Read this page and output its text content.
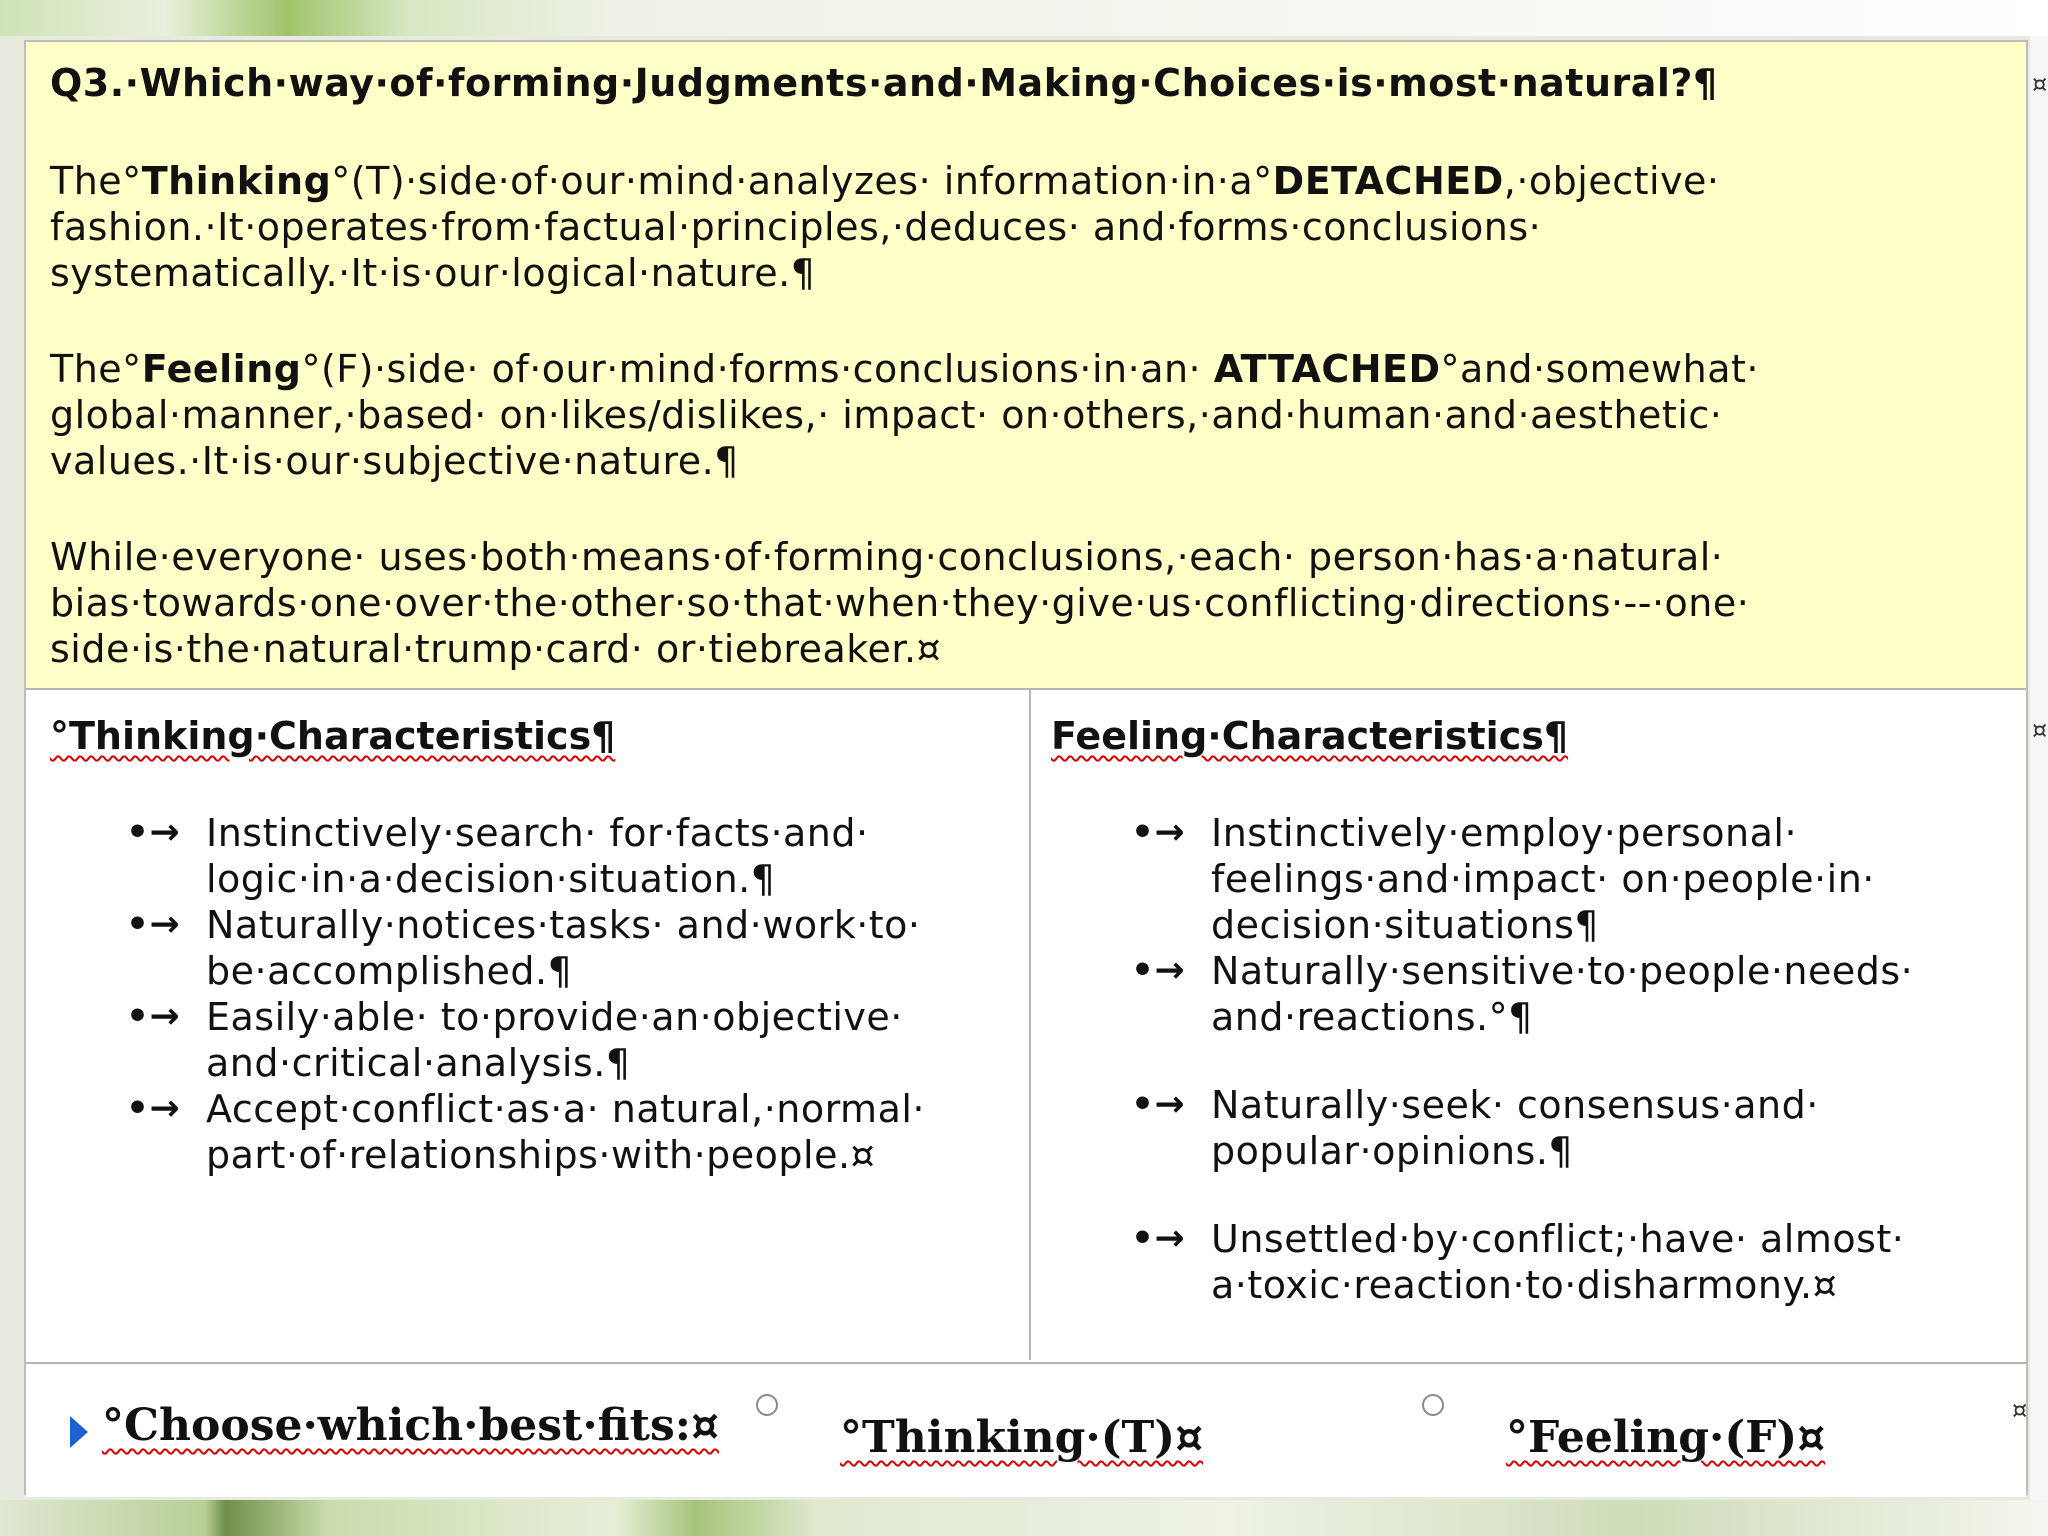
Q3.·Which·way·of·forming·Judgments·and·Making·Choices·is·most·natural?¶

The°Thinking°(T)·side·of·our·mind·analyzes· information·in·a°DETACHED,·objective· fashion.·It·operates·from·factual·principles,·deduces· and·forms·conclusions· systematically.·It·is·our·logical·nature.¶

The°Feeling°(F)·side· of·our·mind·forms·conclusions·in·an· ATTACHED°and·somewhat· global·manner,·based· on·likes/dislikes,· impact· on·others,·and·human·and·aesthetic· values.·It·is·our·subjective·nature.¶

While·everyone· uses·both·means·of·forming·conclusions,·each· person·has·a·natural· bias·towards·one·over·the·other·so·that·when·they·give·us·conflicting·directions·--·one· side·is·the·natural·trump·card· or·tiebreaker.¤

°Thinking·Characteristics¶

•→ Instinctively·search· for·facts·and· logic·in·a·decision·situation.¶
•→ Naturally·notices·tasks· and·work·to· be·accomplished.¶
•→ Easily·able· to·provide·an·objective· and·critical·analysis.¶
•→ Accept·conflict·as·a· natural,·normal· part·of·relationships·with·people.¤

Feeling·Characteristics¶

•→ Instinctively·employ·personal· feelings·and·impact· on·people·in· decision·situations¶
•→ Naturally·sensitive·to·people·needs· and·reactions.°¶
•→ Naturally·seek· consensus·and· popular·opinions.¶
•→ Unsettled·by·conflict;·have· almost· a·toxic·reaction·to·disharmony.¤
°Choose·which·best·fits:¤	°Thinking·(T)¤	°Feeling·(F)¤
¤
¤
¤
